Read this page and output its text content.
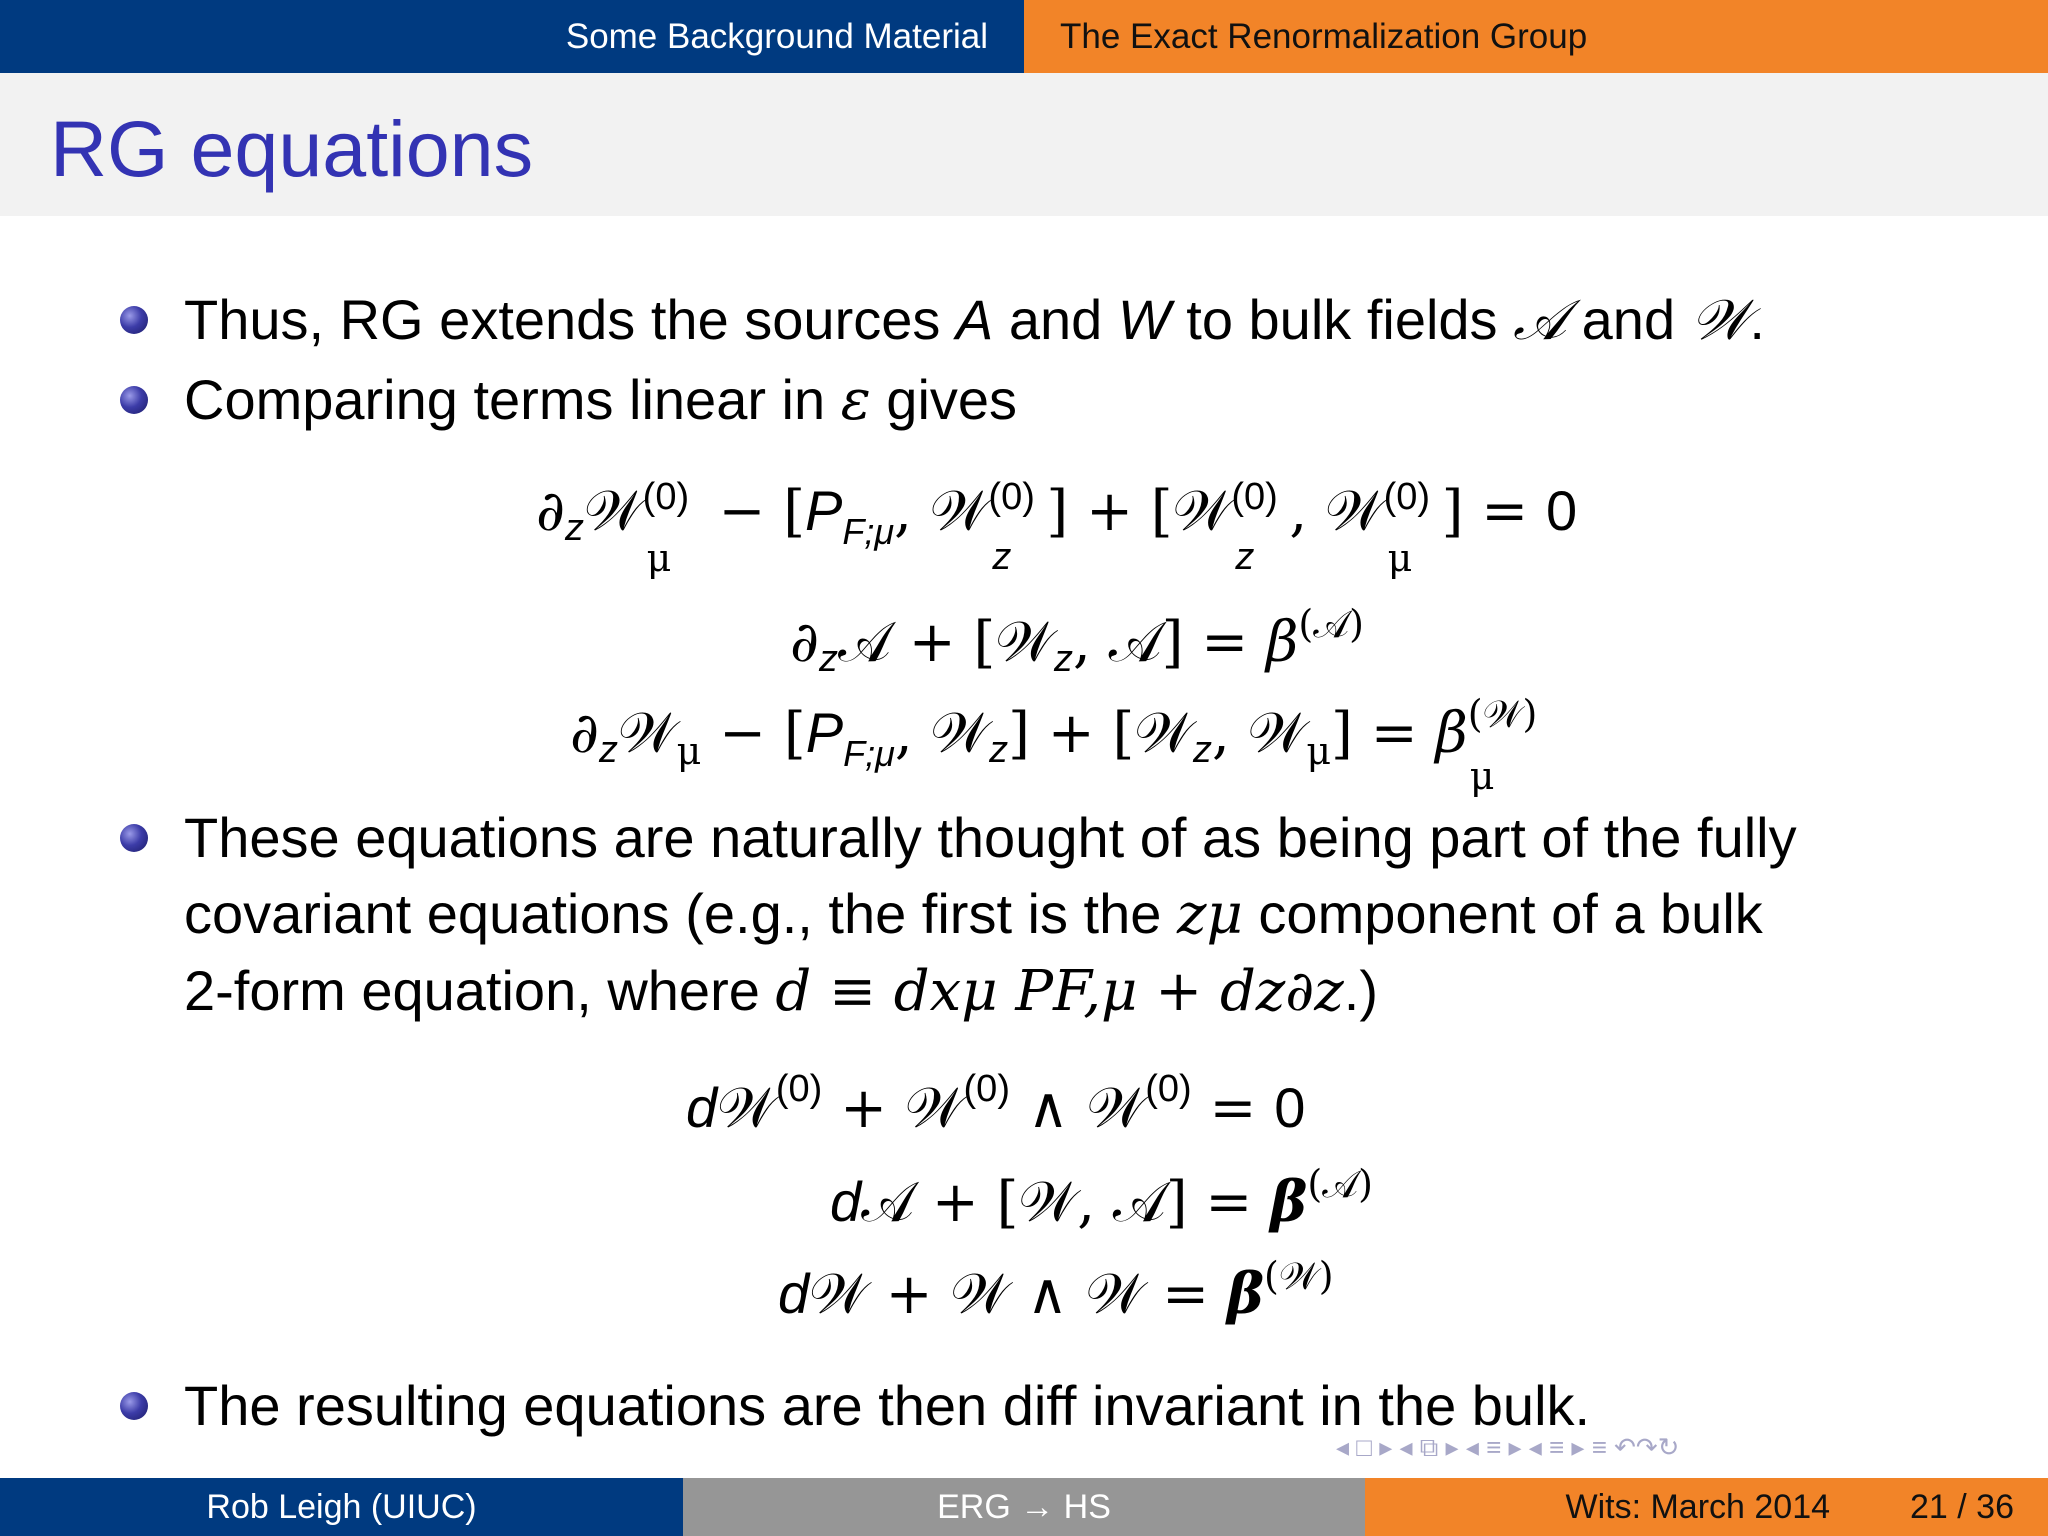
Some Background Material The Exact Renormalization Group
RG equations
Thus, RG extends the sources A and W to bulk fields 𝒜 and 𝒲.
Comparing terms linear in ε gives
∂z𝒲 (0)
μ
− [$P_{F;\mu}$, 𝒲 (0)
z
] + [𝒲 (0)
z
, 𝒲 (0)
μ
] = 0
∂z𝒜 + [𝒲z, 𝒜] = $\beta^{(𝒜)}$
∂z𝒲$_\mu$ − [$P_{F;\mu}$, 𝒲z] + [𝒲z, 𝒲$_\mu$] = β (𝒲)
μ
These equations are naturally thought of as being part of the fully
covariant equations (e.g., the first is the zμ component of a bulk
2-form equation, where d ≡ dxμ PF,μ + dz∂z.)
d𝒲$^{(0)}$ + 𝒲$^{(0)}$ ∧ 𝒲$^{(0)}$ = 0
d𝒜 + [𝒲, 𝒜] = $\beta^{(𝒜)}$
d𝒲 + 𝒲 ∧ 𝒲 = $\beta^{(𝒲)}$
The resulting equations are then diff invariant in the bulk.
◂ □ ▸ ◂ ⧉ ▸ ◂ ≡ ▸ ◂ ≡ ▸ ≡ ↶↷↻
Rob Leigh (UIUC)	ERG → HS	Wits: March 2014 21 / 36
